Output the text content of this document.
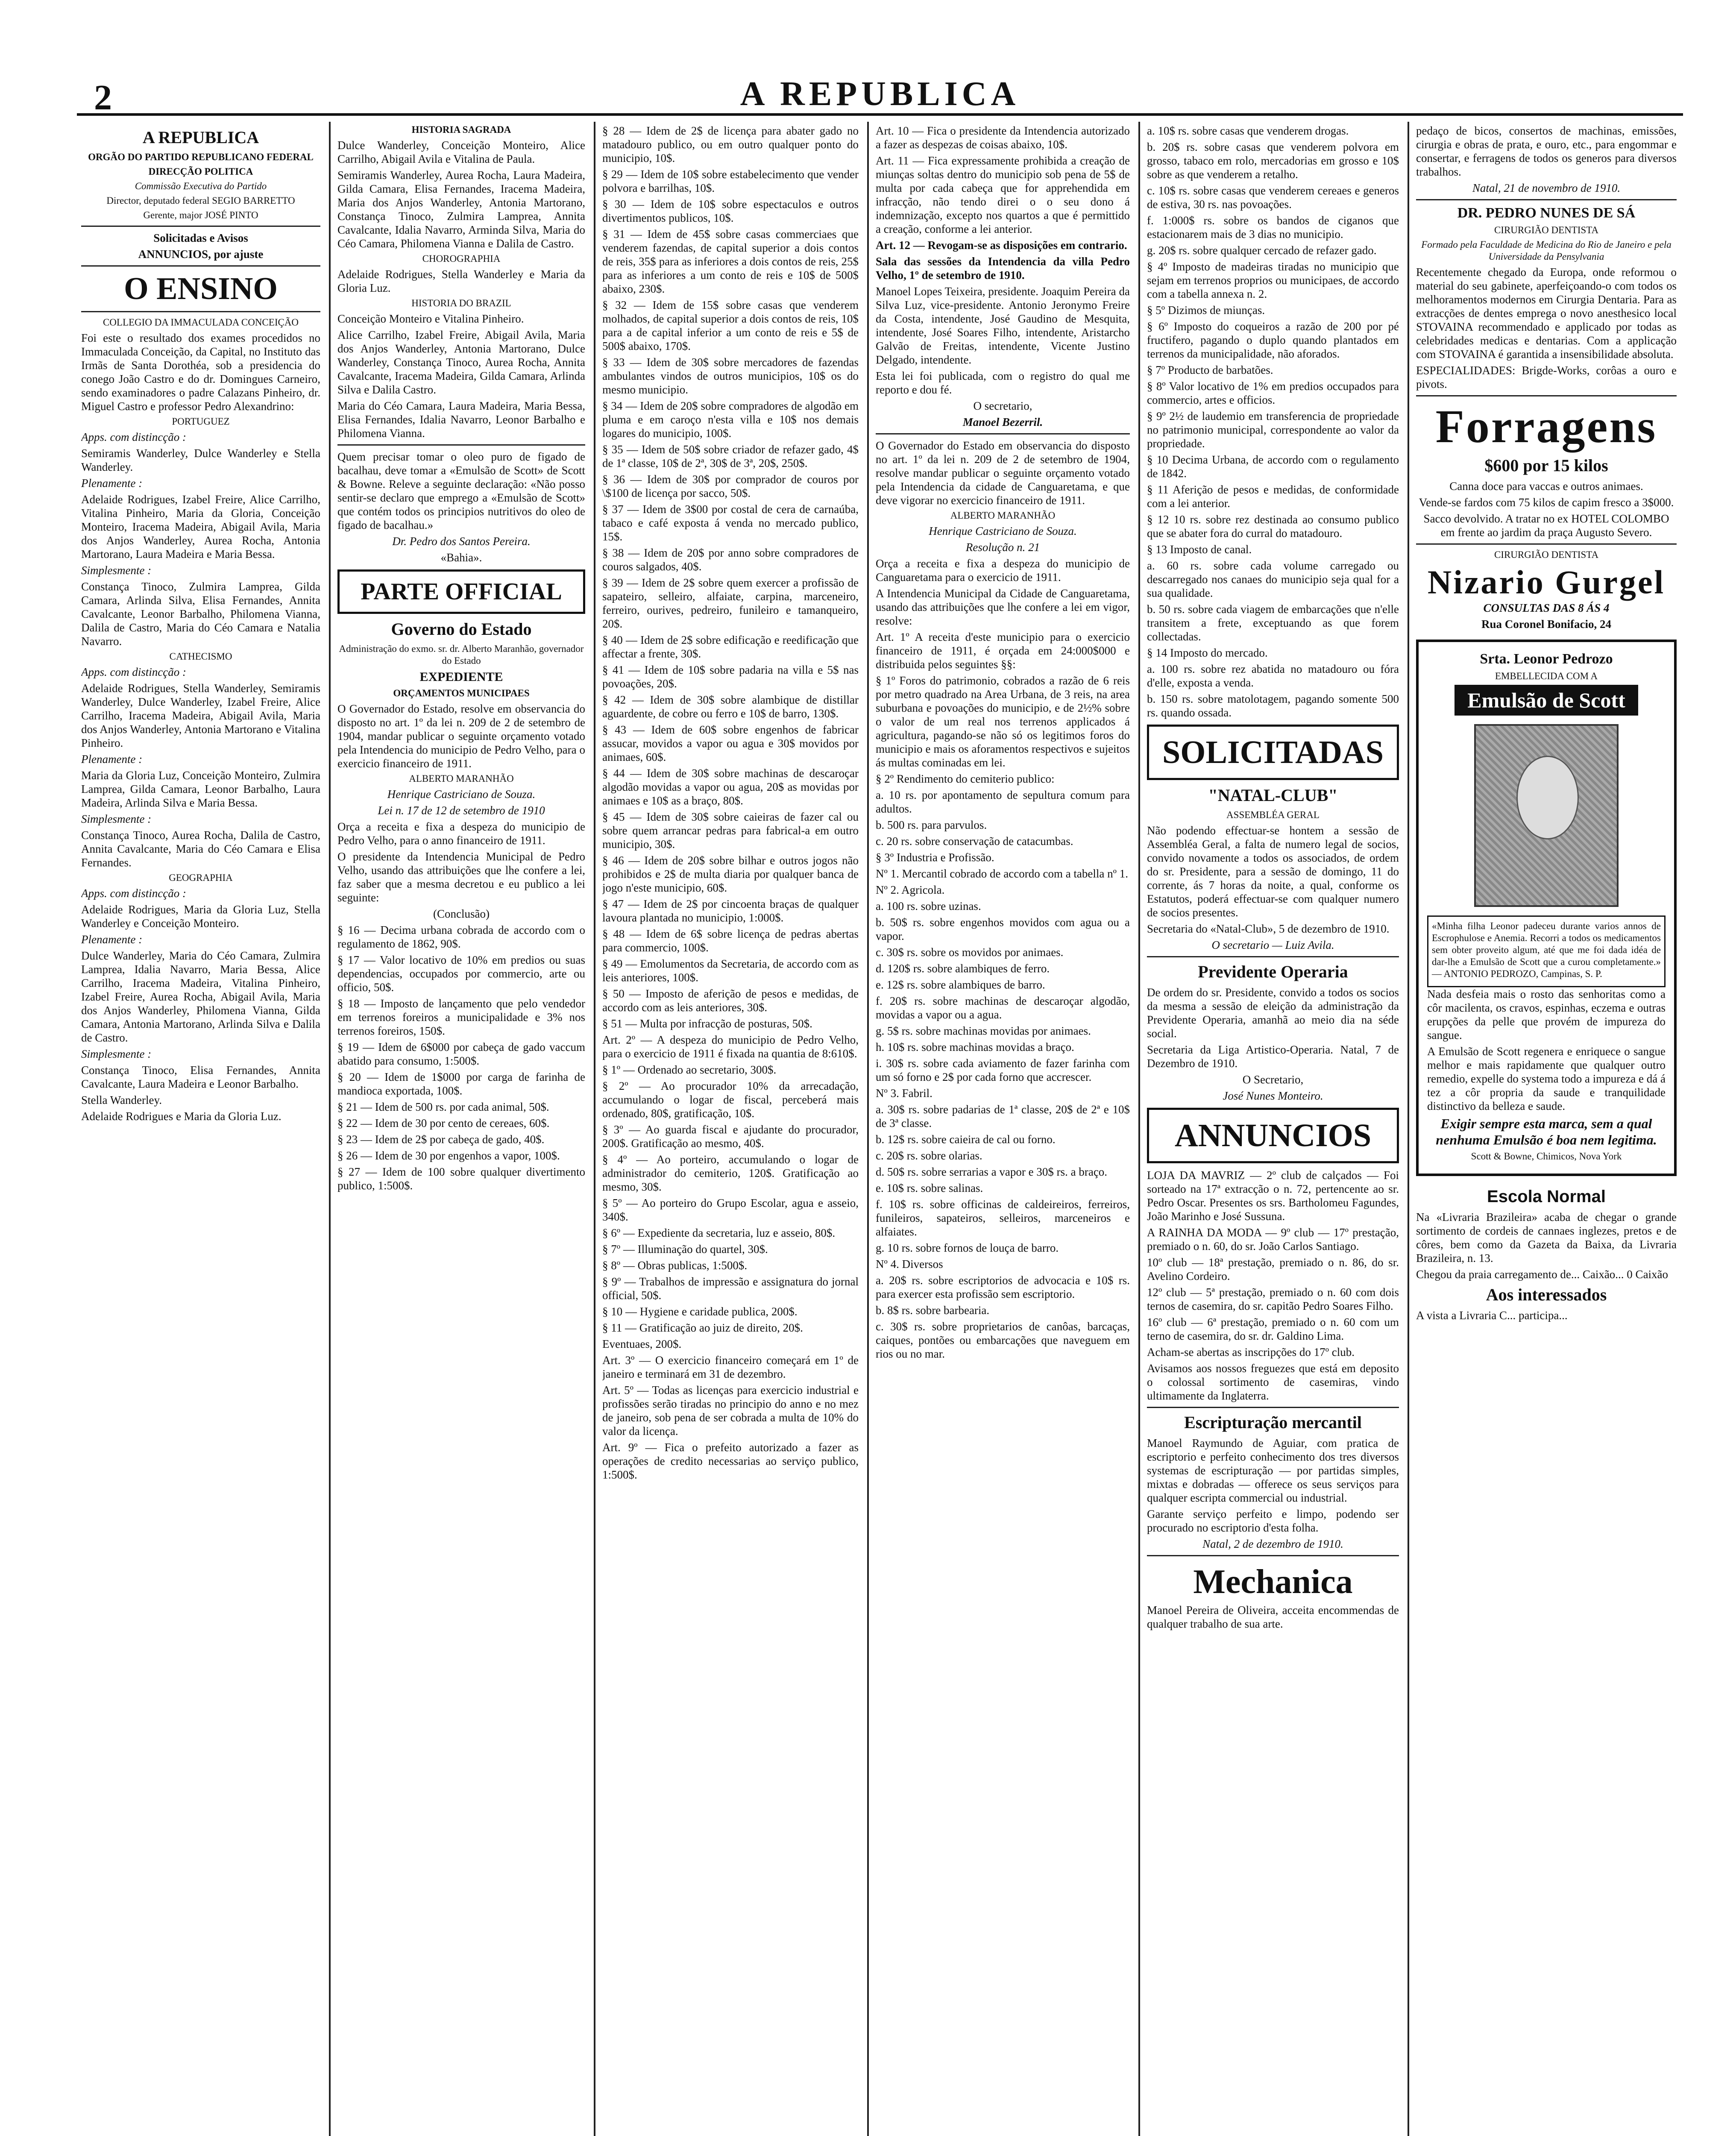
2	A REPUBLICA
A REPUBLICA
ORGÃO DO PARTIDO REPUBLICANO FEDERAL
DIRECÇÃO POLITICA
Commissão Executiva do Partido
Director, deputado federal SEGIO BARRETTO
Gerente, major JOSÉ PINTO
Solicitadas e Avisos
ANNUNCIOS, por ajuste
O ENSINO
COLLEGIO DA IMMACULADA CONCEIÇÃO

Foi este o resultado dos exames procedidos no Immaculada Conceição, da Capital, no Instituto das Irmãs de Santa Dorothéa, sob a presidencia do conego João Castro e do dr. Domingues Carneiro, sendo examinadores o padre Calazans Pinheiro, dr. Miguel Castro e professor Pedro Alexandrino:

PORTUGUEZ
Apps. com distincção :

Semiramis Wanderley, Dulce Wanderley e Stella Wanderley.

Plenamente :

Adelaide Rodrigues, Izabel Freire, Alice Carrilho, Vitalina Pinheiro, Maria da Gloria, Conceição Monteiro, Iracema Madeira, Abigail Avila, Maria dos Anjos Wanderley, Aurea Rocha, Antonia Martorano, Laura Madeira e Maria Bessa.

Simplesmente :

Constança Tinoco, Zulmira Lamprea, Gilda Camara, Arlinda Silva, Elisa Fernandes, Annita Cavalcante, Leonor Barbalho, Philomena Vianna, Dalila de Castro, Maria do Céo Camara e Natalia Navarro.

CATHECISMO
Apps. com distincção :

Adelaide Rodrigues, Stella Wanderley, Semiramis Wanderley, Dulce Wanderley, Izabel Freire, Alice Carrilho, Iracema Madeira, Abigail Avila, Maria dos Anjos Wanderley, Antonia Martorano e Vitalina Pinheiro.

Plenamente :

Maria da Gloria Luz, Conceição Monteiro, Zulmira Lamprea, Gilda Camara, Leonor Barbalho, Laura Madeira, Arlinda Silva e Maria Bessa.

Simplesmente :

Constança Tinoco, Aurea Rocha, Dalila de Castro, Annita Cavalcante, Maria do Céo Camara e Elisa Fernandes.

GEOGRAPHIA
Apps. com distincção :

Adelaide Rodrigues, Maria da Gloria Luz, Stella Wanderley e Conceição Monteiro.

Plenamente :

Dulce Wanderley, Maria do Céo Camara, Zulmira Lamprea, Idalia Navarro, Maria Bessa, Alice Carrilho, Iracema Madeira, Vitalina Pinheiro, Izabel Freire, Aurea Rocha, Abigail Avila, Maria dos Anjos Wanderley, Philomena Vianna, Gilda Camara, Antonia Martorano, Arlinda Silva e Dalila de Castro.

Simplesmente :

Constança Tinoco, Elisa Fernandes, Annita Cavalcante, Laura Madeira e Leonor Barbalho.

Stella Wanderley.

Adelaide Rodrigues e Maria da Gloria Luz.

HISTORIA SAGRADA

Dulce Wanderley, Conceição Monteiro, Alice Carrilho, Abigail Avila e Vitalina de Paula.

Semiramis Wanderley, Aurea Rocha, Laura Madeira, Gilda Camara, Elisa Fernandes, Iracema Madeira, Maria dos Anjos Wanderley, Antonia Martorano, Constança Tinoco, Zulmira Lamprea, Annita Cavalcante, Idalia Navarro, Arminda Silva, Maria do Céo Camara, Philomena Vianna e Dalila de Castro.

CHOROGRAPHIA

Adelaide Rodrigues, Stella Wanderley e Maria da Gloria Luz.

HISTORIA DO BRAZIL

Conceição Monteiro e Vitalina Pinheiro.

Alice Carrilho, Izabel Freire, Abigail Avila, Maria dos Anjos Wanderley, Antonia Martorano, Dulce Wanderley, Constança Tinoco, Aurea Rocha, Annita Cavalcante, Iracema Madeira, Gilda Camara, Arlinda Silva e Dalila Castro.

Maria do Céo Camara, Laura Madeira, Maria Bessa, Elisa Fernandes, Idalia Navarro, Leonor Barbalho e Philomena Vianna.

Quem precisar tomar o oleo puro de figado de bacalhau, deve tomar a «Emulsão de Scott» de Scott & Bowne. Releve a seguinte declaração: «Não posso sentir-se declaro que emprego a «Emulsão de Scott» que contém todos os principios nutritivos do oleo de figado de bacalhau.»

Dr. Pedro dos Santos Pereira.
«Bahia».
PARTE OFFICIAL
Governo do Estado
Administração do exmo. sr. dr. Alberto Maranhão, governador do Estado
EXPEDIENTE
ORÇAMENTOS MUNICIPAES

O Governador do Estado, resolve em observancia do disposto no art. 1º da lei n. 209 de 2 de setembro de 1904, mandar publicar o seguinte orçamento votado pela Intendencia do municipio de Pedro Velho, para o exercicio financeiro de 1911.

ALBERTO MARANHÃO
Henrique Castriciano de Souza.
Lei n. 17 de 12 de setembro de 1910

Orça a receita e fixa a despeza do municipio de Pedro Velho, para o anno financeiro de 1911.

O presidente da Intendencia Municipal de Pedro Velho, usando das attribuições que lhe confere a lei, faz saber que a mesma decretou e eu publico a lei seguinte:

(Conclusão)

§ 16 — Decima urbana cobrada de accordo com o regulamento de 1862, 90$.

§ 17 — Valor locativo de 10% em predios ou suas dependencias, occupados por commercio, arte ou officio, 50$.

§ 18 — Imposto de lançamento que pelo vendedor em terrenos foreiros a municipalidade e 3% nos terrenos foreiros, 150$.

§ 19 — Idem de 6$000 por cabeça de gado vaccum abatido para consumo, 1:500$.

§ 20 — Idem de 1$000 por carga de farinha de mandioca exportada, 100$.

§ 21 — Idem de 500 rs. por cada animal, 50$.

§ 22 — Idem de 30 por cento de cereaes, 60$.

§ 23 — Idem de 2$ por cabeça de gado, 40$.

§ 26 — Idem de 30 por engenhos a vapor, 100$.

§ 27 — Idem de 100 sobre qualquer divertimento publico, 1:500$.

§ 28 — Idem de 2$ de licença para abater gado no matadouro publico, ou em outro qualquer ponto do municipio, 10$.

§ 29 — Idem de 10$ sobre estabelecimento que vender polvora e barrilhas, 10$.

§ 30 — Idem de 10$ sobre espectaculos e outros divertimentos publicos, 10$.

§ 31 — Idem de 45$ sobre casas commerciaes que venderem fazendas, de capital superior a dois contos de reis, 35$ para as inferiores a dois contos de reis, 25$ para as inferiores a um conto de reis e 10$ de 500$ abaixo, 230$.

§ 32 — Idem de 15$ sobre casas que venderem molhados, de capital superior a dois contos de reis, 10$ para a de capital inferior a um conto de reis e 5$ de 500$ abaixo, 170$.

§ 33 — Idem de 30$ sobre mercadores de fazendas ambulantes vindos de outros municipios, 10$ os do mesmo municipio.

§ 34 — Idem de 20$ sobre compradores de algodão em pluma e em caroço n'esta villa e 10$ nos demais logares do municipio, 100$.

§ 35 — Idem de 50$ sobre criador de refazer gado, 4$ de 1ª classe, 10$ de 2ª, 30$ de 3ª, 20$, 250$.

§ 36 — Idem de 30$ por comprador de couros por \$100 de licença por sacco, 50$.

§ 37 — Idem de 3$00 por costal de cera de carnaúba, tabaco e café exposta á venda no mercado publico, 15$.

§ 38 — Idem de 20$ por anno sobre compradores de couros salgados, 40$.

§ 39 — Idem de 2$ sobre quem exercer a profissão de sapateiro, selleiro, alfaiate, carpina, marceneiro, ferreiro, ourives, pedreiro, funileiro e tamanqueiro, 20$.

§ 40 — Idem de 2$ sobre edificação e reedificação que affectar a frente, 30$.

§ 41 — Idem de 10$ sobre padaria na villa e 5$ nas povoações, 20$.

§ 42 — Idem de 30$ sobre alambique de distillar aguardente, de cobre ou ferro e 10$ de barro, 130$.

§ 43 — Idem de 60$ sobre engenhos de fabricar assucar, movidos a vapor ou agua e 30$ movidos por animaes, 60$.

§ 44 — Idem de 30$ sobre machinas de descaroçar algodão movidas a vapor ou agua, 20$ as movidas por animaes e 10$ as a braço, 80$.

§ 45 — Idem de 30$ sobre caieiras de fazer cal ou sobre quem arrancar pedras para fabrical-a em outro municipio, 30$.

§ 46 — Idem de 20$ sobre bilhar e outros jogos não prohibidos e 2$ de multa diaria por qualquer banca de jogo n'este municipio, 60$.

§ 47 — Idem de 2$ por cincoenta braças de qualquer lavoura plantada no municipio, 1:000$.

§ 48 — Idem de 6$ sobre licença de pedras abertas para commercio, 100$.

§ 49 — Emolumentos da Secretaria, de accordo com as leis anteriores, 100$.

§ 50 — Imposto de aferição de pesos e medidas, de accordo com as leis anteriores, 30$.

§ 51 — Multa por infracção de posturas, 50$.

Art. 2º — A despeza do municipio de Pedro Velho, para o exercicio de 1911 é fixada na quantia de 8:610$.

§ 1º — Ordenado ao secretario, 300$.

§ 2º — Ao procurador 10% da arrecadação, accumulando o logar de fiscal, perceberá mais ordenado, 80$, gratificação, 10$.

§ 3º — Ao guarda fiscal e ajudante do procurador, 200$. Gratificação ao mesmo, 40$.

§ 4º — Ao porteiro, accumulando o logar de administrador do cemiterio, 120$. Gratificação ao mesmo, 30$.

§ 5º — Ao porteiro do Grupo Escolar, agua e asseio, 340$.

§ 6º — Expediente da secretaria, luz e asseio, 80$.

§ 7º — Illuminação do quartel, 30$.

§ 8º — Obras publicas, 1:500$.

§ 9º — Trabalhos de impressão e assignatura do jornal official, 50$.

§ 10 — Hygiene e caridade publica, 200$.

§ 11 — Gratificação ao juiz de direito, 20$.

Eventuaes, 200$.

Art. 3º — O exercicio financeiro começará em 1º de janeiro e terminará em 31 de dezembro.

Art. 5º — Todas as licenças para exercicio industrial e profissões serão tiradas no principio do anno e no mez de janeiro, sob pena de ser cobrada a multa de 10% do valor da licença.

Art. 9º — Fica o prefeito autorizado a fazer as operações de credito necessarias ao serviço publico, 1:500$.

Art. 10 — Fica o presidente da Intendencia autorizado a fazer as despezas de coisas abaixo, 10$.

Art. 11 — Fica expressamente prohibida a creação de miunças soltas dentro do municipio sob pena de 5$ de multa por cada cabeça que for apprehendida em infracção, não tendo direi o o seu dono á indemnização, excepto nos quartos a que é permittido a creação, conforme a lei anterior.

Art. 12 — Revogam-se as disposições em contrario.

Sala das sessões da Intendencia da villa Pedro Velho, 1º de setembro de 1910.

Manoel Lopes Teixeira, presidente. Joaquim Pereira da Silva Luz, vice-presidente. Antonio Jeronymo Freire da Costa, intendente, José Gaudino de Mesquita, intendente, José Soares Filho, intendente, Aristarcho Galvão de Freitas, intendente, Vicente Justino Delgado, intendente.

Esta lei foi publicada, com o registro do qual me reporto e dou fé.

O secretario,
Manoel Bezerril.

O Governador do Estado em observancia do disposto no art. 1º da lei n. 209 de 2 de setembro de 1904, resolve mandar publicar o seguinte orçamento votado pela Intendencia da cidade de Canguaretama, e que deve vigorar no exercicio financeiro de 1911.

ALBERTO MARANHÃO
Henrique Castriciano de Souza.
Resolução n. 21

Orça a receita e fixa a despeza do municipio de Canguaretama para o exercicio de 1911.

A Intendencia Municipal da Cidade de Canguaretama, usando das attribuições que lhe confere a lei em vigor, resolve:

Art. 1º A receita d'este municipio para o exercicio financeiro de 1911, é orçada em 24:000$000 e distribuida pelos seguintes §§:

§ 1º Foros do patrimonio, cobrados a razão de 6 reis por metro quadrado na Area Urbana, de 3 reis, na area suburbana e povoações do municipio, e de 2½% sobre o valor de um real nos terrenos applicados á agricultura, pagando-se não só os legitimos foros do municipio e mais os aforamentos respectivos e sujeitos ás multas cominadas em lei.

§ 2º Rendimento do cemiterio publico:

a. 10 rs. por apontamento de sepultura comum para adultos.

b. 500 rs. para parvulos.

c. 20 rs. sobre conservação de catacumbas.

§ 3º Industria e Profissão.

Nº 1. Mercantil cobrado de accordo com a tabella nº 1.

Nº 2. Agricola.

a. 100 rs. sobre uzinas.

b. 50$ rs. sobre engenhos movidos com agua ou a vapor.

c. 30$ rs. sobre os movidos por animaes.

d. 120$ rs. sobre alambiques de ferro.

e. 12$ rs. sobre alambiques de barro.

f. 20$ rs. sobre machinas de descaroçar algodão, movidas a vapor ou a agua.

g. 5$ rs. sobre machinas movidas por animaes.

h. 10$ rs. sobre machinas movidas a braço.

i. 30$ rs. sobre cada aviamento de fazer farinha com um só forno e 2$ por cada forno que accrescer.

Nº 3. Fabril.

a. 30$ rs. sobre padarias de 1ª classe, 20$ de 2ª e 10$ de 3ª classe.

b. 12$ rs. sobre caieira de cal ou forno.

c. 20$ rs. sobre olarias.

d. 50$ rs. sobre serrarias a vapor e 30$ rs. a braço.

e. 10$ rs. sobre salinas.

f. 10$ rs. sobre officinas de caldeireiros, ferreiros, funileiros, sapateiros, selleiros, marceneiros e alfaiates.

g. 10 rs. sobre fornos de louça de barro.

Nº 4. Diversos

a. 20$ rs. sobre escriptorios de advocacia e 10$ rs. para exercer esta profissão sem escriptorio.

b. 8$ rs. sobre barbearia.

c. 30$ rs. sobre proprietarios de canôas, barcaças, caiques, pontões ou embarcações que naveguem em rios ou no mar.

a. 10$ rs. sobre casas que venderem drogas.

b. 20$ rs. sobre casas que venderem polvora em grosso, tabaco em rolo, mercadorias em grosso e 10$ sobre as que venderem a retalho.

c. 10$ rs. sobre casas que venderem cereaes e generos de estiva, 30 rs. nas povoações.

f. 1:000$ rs. sobre os bandos de ciganos que estacionarem mais de 3 dias no municipio.

g. 20$ rs. sobre qualquer cercado de refazer gado.

§ 4º Imposto de madeiras tiradas no municipio que sejam em terrenos proprios ou municipaes, de accordo com a tabella annexa n. 2.

§ 5º Dizimos de miunças.

§ 6º Imposto do coqueiros a razão de 200 por pé fructifero, pagando o duplo quando plantados em terrenos da municipalidade, não aforados.

§ 7º Producto de barbatões.

§ 8º Valor locativo de 1% em predios occupados para commercio, artes e officios.

§ 9º 2½ de laudemio em transferencia de propriedade no patrimonio municipal, correspondente ao valor da propriedade.

§ 10 Decima Urbana, de accordo com o regulamento de 1842.

§ 11 Aferição de pesos e medidas, de conformidade com a lei anterior.

§ 12 10 rs. sobre rez destinada ao consumo publico que se abater fora do curral do matadouro.

§ 13 Imposto de canal.

a. 60 rs. sobre cada volume carregado ou descarregado nos canaes do municipio seja qual for a sua qualidade.

b. 50 rs. sobre cada viagem de embarcações que n'elle transitem a frete, exceptuando as que forem collectadas.

§ 14 Imposto do mercado.

a. 100 rs. sobre rez abatida no matadouro ou fóra d'elle, exposta a venda.

b. 150 rs. sobre matolotagem, pagando somente 500 rs. quando ossada.

SOLICITADAS
"NATAL-CLUB"
ASSEMBLÉA GERAL

Não podendo effectuar-se hontem a sessão de Assembléa Geral, a falta de numero legal de socios, convido novamente a todos os associados, de ordem do sr. Presidente, para a sessão de domingo, 11 do corrente, ás 7 horas da noite, a qual, conforme os Estatutos, poderá effectuar-se com qualquer numero de socios presentes.

Secretaria do «Natal-Club», 5 de dezembro de 1910.

O secretario — Luiz Avila.
Previdente Operaria

De ordem do sr. Presidente, convido a todos os socios da mesma a sessão de eleição da administração da Previdente Operaria, amanhã ao meio dia na séde social.

Secretaria da Liga Artistico-Operaria. Natal, 7 de Dezembro de 1910.

O Secretario,
José Nunes Monteiro.
ANNUNCIOS

LOJA DA MAVRIZ — 2º club de calçados — Foi sorteado na 17ª extracção o n. 72, pertencente ao sr. Pedro Oscar. Presentes os srs. Bartholomeu Fagundes, João Marinho e José Sussuna.

A RAINHA DA MODA — 9º club — 17º prestação, premiado o n. 60, do sr. João Carlos Santiago.

10º club — 18ª prestação, premiado o n. 86, do sr. Avelino Cordeiro.

12º club — 5ª prestação, premiado o n. 60 com dois ternos de casemira, do sr. capitão Pedro Soares Filho.

16º club — 6ª prestação, premiado o n. 60 com um terno de casemira, do sr. dr. Galdino Lima.

Acham-se abertas as inscripções do 17º club.

Avisamos aos nossos freguezes que está em deposito o colossal sortimento de casemiras, vindo ultimamente da Inglaterra.

Escripturação mercantil

Manoel Raymundo de Aguiar, com pratica de escriptorio e perfeito conhecimento dos tres diversos systemas de escripturação — por partidas simples, mixtas e dobradas — offerece os seus serviços para qualquer escripta commercial ou industrial.

Garante serviço perfeito e limpo, podendo ser procurado no escriptorio d'esta folha.

Natal, 2 de dezembro de 1910.
Mechanica

Manoel Pereira de Oliveira, acceita encommendas de qualquer trabalho de sua arte.

pedaço de bicos, consertos de machinas, emissões, cirurgia e obras de prata, e ouro, etc., para engommar e consertar, e ferragens de todos os generos para diversos trabalhos.

Natal, 21 de novembro de 1910.
DR. PEDRO NUNES DE SÁ
CIRURGIÃO DENTISTA
Formado pela Faculdade de Medicina do Rio de Janeiro e pela Universidade da Pensylvania

Recentemente chegado da Europa, onde reformou o material do seu gabinete, aperfeiçoando-o com todos os melhoramentos modernos em Cirurgia Dentaria. Para as extracções de dentes emprega o novo anesthesico local STOVAINA recommendado e applicado por todas as celebridades medicas e dentarias. Com a applicação com STOVAINA é garantida a insensibilidade absoluta.

ESPECIALIDADES: Brigde-Works, corôas a ouro e pivots.

Forragens
$600 por 15 kilos
Canna doce para vaccas e outros animaes.
Vende-se fardos com 75 kilos de capim fresco a 3$000.
Sacco devolvido. A tratar no ex HOTEL COLOMBO em frente ao jardim da praça Augusto Severo.
CIRURGIÃO DENTISTA
Nizario Gurgel
CONSULTAS DAS 8 ÁS 4
Rua Coronel Bonifacio, 24
Srta. Leonor Pedrozo
EMBELLECIDA COM A
Emulsão de Scott

«Minha filha Leonor padeceu durante varios annos de Escrophulose e Anemia. Recorri a todos os medicamentos sem obter proveito algum, até que me foi dada idéa de dar-lhe a Emulsão de Scott que a curou completamente.» — ANTONIO PEDROZO, Campinas, S. P.

Nada desfeia mais o rosto das senhoritas como a côr macilenta, os cravos, espinhas, eczema e outras erupções da pelle que provém de impureza do sangue.

A Emulsão de Scott regenera e enriquece o sangue melhor e mais rapidamente que qualquer outro remedio, expelle do systema todo a impureza e dá á tez a côr propria da saude e tranquilidade distinctivo da belleza e saude.

Exigir sempre esta marca, sem a qual nenhuma Emulsão é boa nem legitima.

Scott & Bowne, Chimicos, Nova York
Escola Normal

Na «Livraria Brazileira» acaba de chegar o grande sortimento de cordeis de cannaes inglezes, pretos e de côres, bem como da Gazeta da Baixa, da Livraria Brazileira, n. 13.

Chegou da praia carregamento de... Caixão... 0 Caixão

Aos interessados

A vista a Livraria C... participa...
